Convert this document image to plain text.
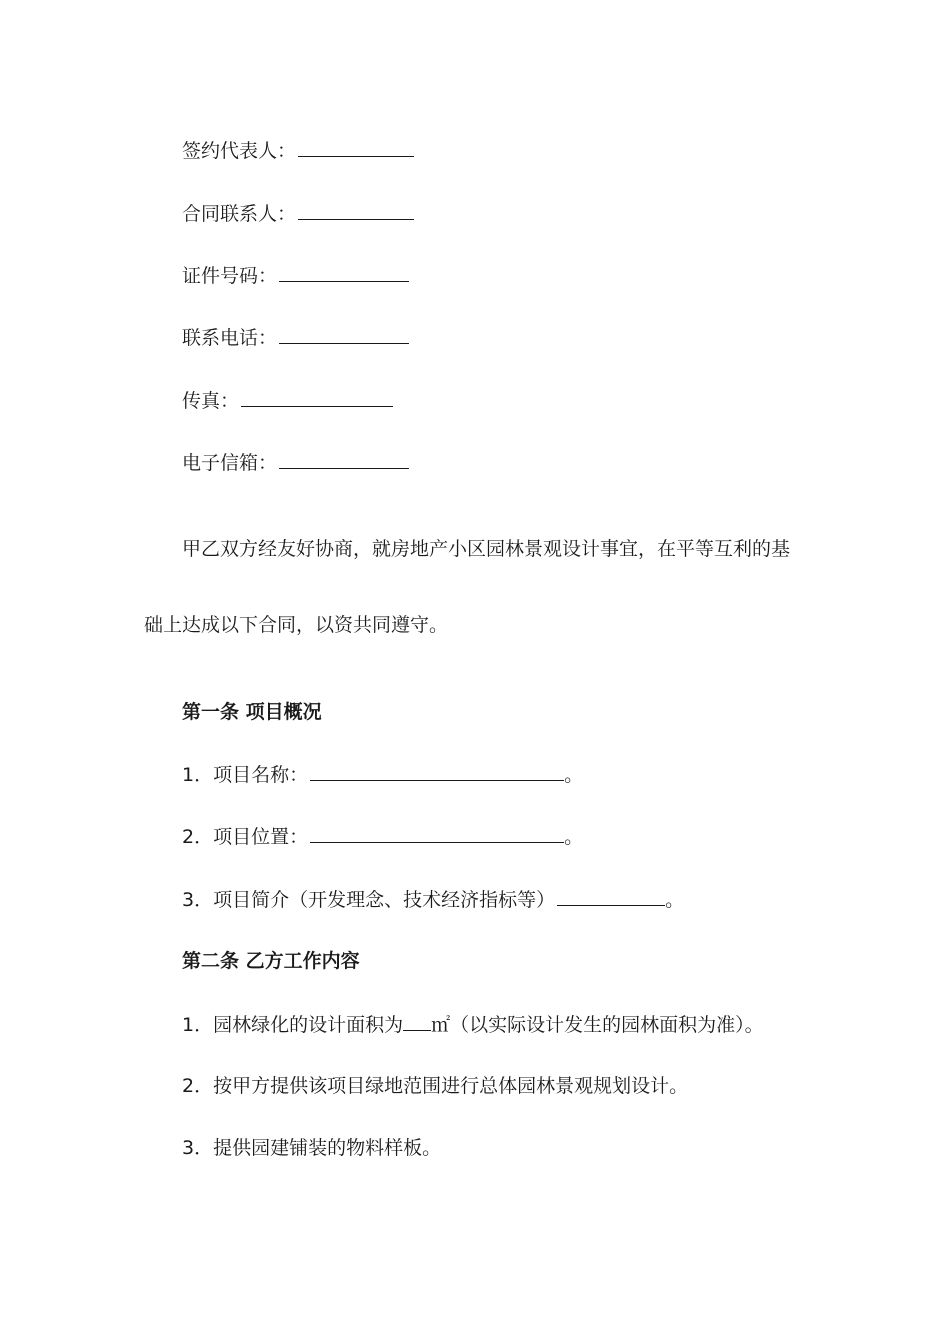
签约代表人：
合同联系人：
证件号码：
联系电话：
传真：
电子信箱：
甲乙双方经友好协商，就房地产小区园林景观设计事宜，在平等互利的基
础上达成以下合同，以资共同遵守。
第一条 项目概况
1．项目名称：	。
2．项目位置：	。
3．项目简介（开发理念、技术经济指标等）	。
第二条 乙方工作内容
1．园林绿化的设计面积为 ㎡（以实际设计发生的园林面积为准）。
2．按甲方提供该项目绿地范围进行总体园林景观规划设计。
3．提供园建铺装的物料样板。
